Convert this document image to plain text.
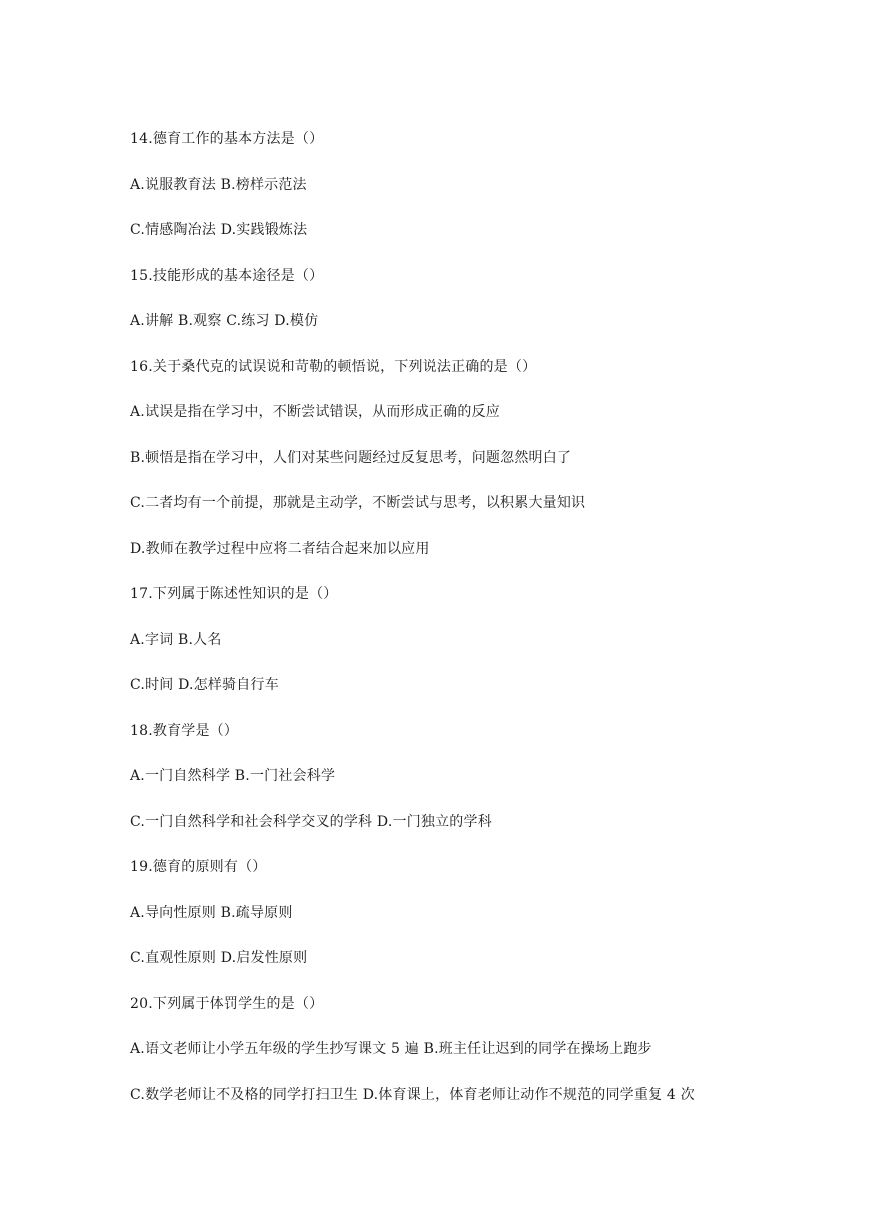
14.德育工作的基本方法是（）
A.说服教育法 B.榜样示范法
C.情感陶冶法 D.实践锻炼法
15.技能形成的基本途径是（）
A.讲解 B.观察 C.练习 D.模仿
16.关于桑代克的试误说和苛勒的顿悟说，下列说法正确的是（）
A.试误是指在学习中，不断尝试错误，从而形成正确的反应
B.顿悟是指在学习中，人们对某些问题经过反复思考，问题忽然明白了
C.二者均有一个前提，那就是主动学，不断尝试与思考，以积累大量知识
D.教师在教学过程中应将二者结合起来加以应用
17.下列属于陈述性知识的是（）
A.字词 B.人名
C.时间 D.怎样骑自行车
18.教育学是（）
A.一门自然科学 B.一门社会科学
C.一门自然科学和社会科学交叉的学科 D.一门独立的学科
19.德育的原则有（）
A.导向性原则 B.疏导原则
C.直观性原则 D.启发性原则
20.下列属于体罚学生的是（）
A.语文老师让小学五年级的学生抄写课文 5 遍 B.班主任让迟到的同学在操场上跑步
C.数学老师让不及格的同学打扫卫生 D.体育课上，体育老师让动作不规范的同学重复 4 次
